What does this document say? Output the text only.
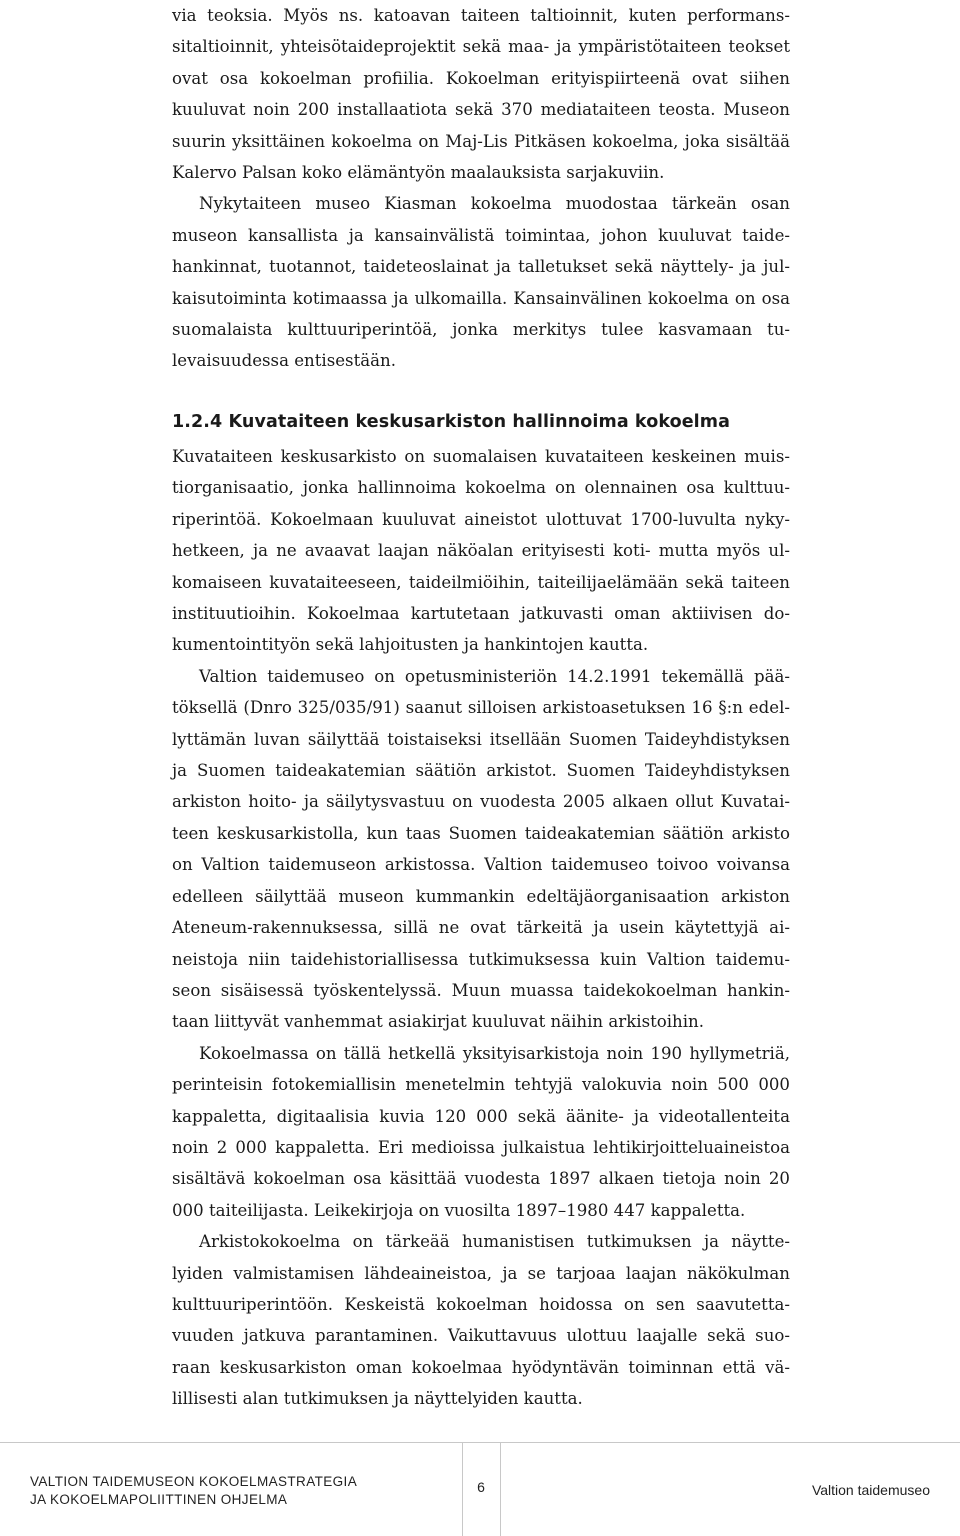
via teoksia. Myös ns. katoavan taiteen taltioinnit, kuten performanssitaltioinnit, yhteisötaideprojektit sekä maa- ja ympäristötaiteen teokset ovat osa kokoelman profiilia. Kokoelman erityispiirteenä ovat siihen kuuluvat noin 200 installaatiota sekä 370 mediataiteen teosta. Museon suurin yksittäinen kokoelma on Maj-Lis Pitkäsen kokoelma, joka sisältää Kalervo Palsan koko elämäntyön maalauksista sarjakuviin.

Nykytaiteen museo Kiasman kokoelma muodostaa tärkeän osan museon kansallista ja kansainvälistä toimintaa, johon kuuluvat taidehankinnat, tuotannot, taideteoslainat ja talletukset sekä näyttely- ja julkaisutoiminta kotimaassa ja ulkomailla. Kansainvälinen kokoelma on osa suomalaista kulttuuriperintöä, jonka merkitys tulee kasvamaan tulevaisuudessa entisestään.

1.2.4 Kuvataiteen keskusarkiston hallinnoima kokoelma

Kuvataiteen keskusarkisto on suomalaisen kuvataiteen keskeinen muistiorganisaatio, jonka hallinnoima kokoelma on olennainen osa kulttuuriperintöä. Kokoelmaan kuuluvat aineistot ulottuvat 1700-luvulta nykyhetkeen, ja ne avaavat laajan näköalan erityisesti koti- mutta myös ulkomaiseen kuvataiteeseen, taideilmiöihin, taiteilijaelämään sekä taiteen instituutioihin. Kokoelmaa kartutetaan jatkuvasti oman aktiivisen dokumentointityön sekä lahjoitusten ja hankintojen kautta.

Valtion taidemuseo on opetusministeriön 14.2.1991 tekemällä päätöksellä (Dnro 325/035/91) saanut silloisen arkistoasetuksen 16 §:n edellyttämän luvan säilyttää toistaiseksi itsellään Suomen Taideyhdistyksen ja Suomen taideakatemian säätiön arkistot. Suomen Taideyhdistyksen arkiston hoito- ja säilytysvastuu on vuodesta 2005 alkaen ollut Kuvataiteen keskusarkistolla, kun taas Suomen taideakatemian säätiön arkisto on Valtion taidemuseon arkistossa. Valtion taidemuseo toivoo voivansa edelleen säilyttää museon kummankin edeltäjäorganisaation arkiston Ateneum-rakennuksessa, sillä ne ovat tärkeitä ja usein käytettyjä aineistoja niin taidehistoriallisessa tutkimuksessa kuin Valtion taidemuseon sisäisessä työskentelyssä. Muun muassa taidekokoelman hankintaan liittyvät vanhemmat asiakirjat kuuluvat näihin arkistoihin.

Kokoelmassa on tällä hetkellä yksityisarkistoja noin 190 hyllymetriä, perinteisin fotokemiallisin menetelmin tehtyjä valokuvia noin 500 000 kappaletta, digitaalisia kuvia 120 000 sekä äänite- ja videotallenteita noin 2 000 kappaletta. Eri medioissa julkaistua lehtikirjoitteluaineistoa sisältävä kokoelman osa käsittää vuodesta 1897 alkaen tietoja noin 20 000 taiteilijasta. Leikekirjoja on vuosilta 1897–1980 447 kappaletta.

Arkistokokoelma on tärkeää humanistisen tutkimuksen ja näyttelyiden valmistamisen lähdeaineistoa, ja se tarjoaa laajan näkökulman kulttuuriperintöön. Keskeistä kokoelman hoidossa on sen saavutettavuuden jatkuva parantaminen. Vaikuttavuus ulottuu laajalle sekä suoraan keskusarkiston oman kokoelmaa hyödyntävän toiminnan että välillisesti alan tutkimuksen ja näyttelyiden kautta.

VALTION TAIDEMUSEON KOKOELMASTRATEGIA
JA KOKOELMAPOLIITTINEN OHJELMA

6	Valtion taidemuseo
